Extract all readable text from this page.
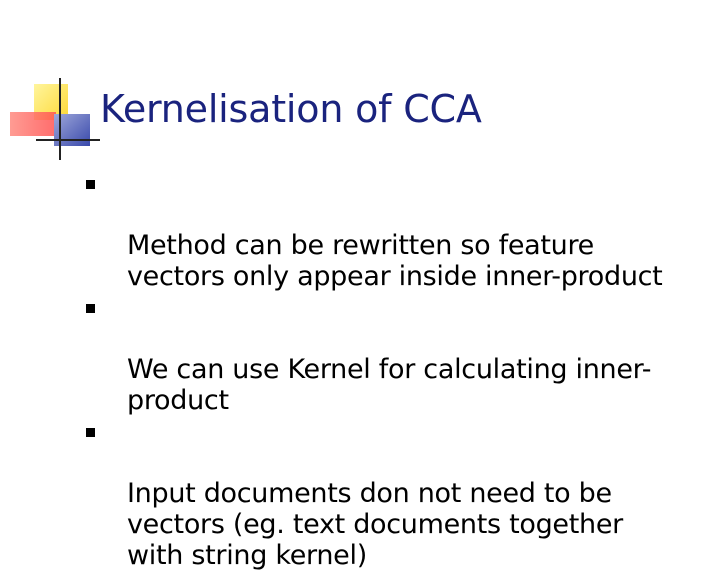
Kernelisation of CCA

Method can be rewritten so feature
vectors only appear inside inner-product

We can use Kernel for calculating inner-
product

Input documents don not need to be
vectors (eg. text documents together
with string kernel)
